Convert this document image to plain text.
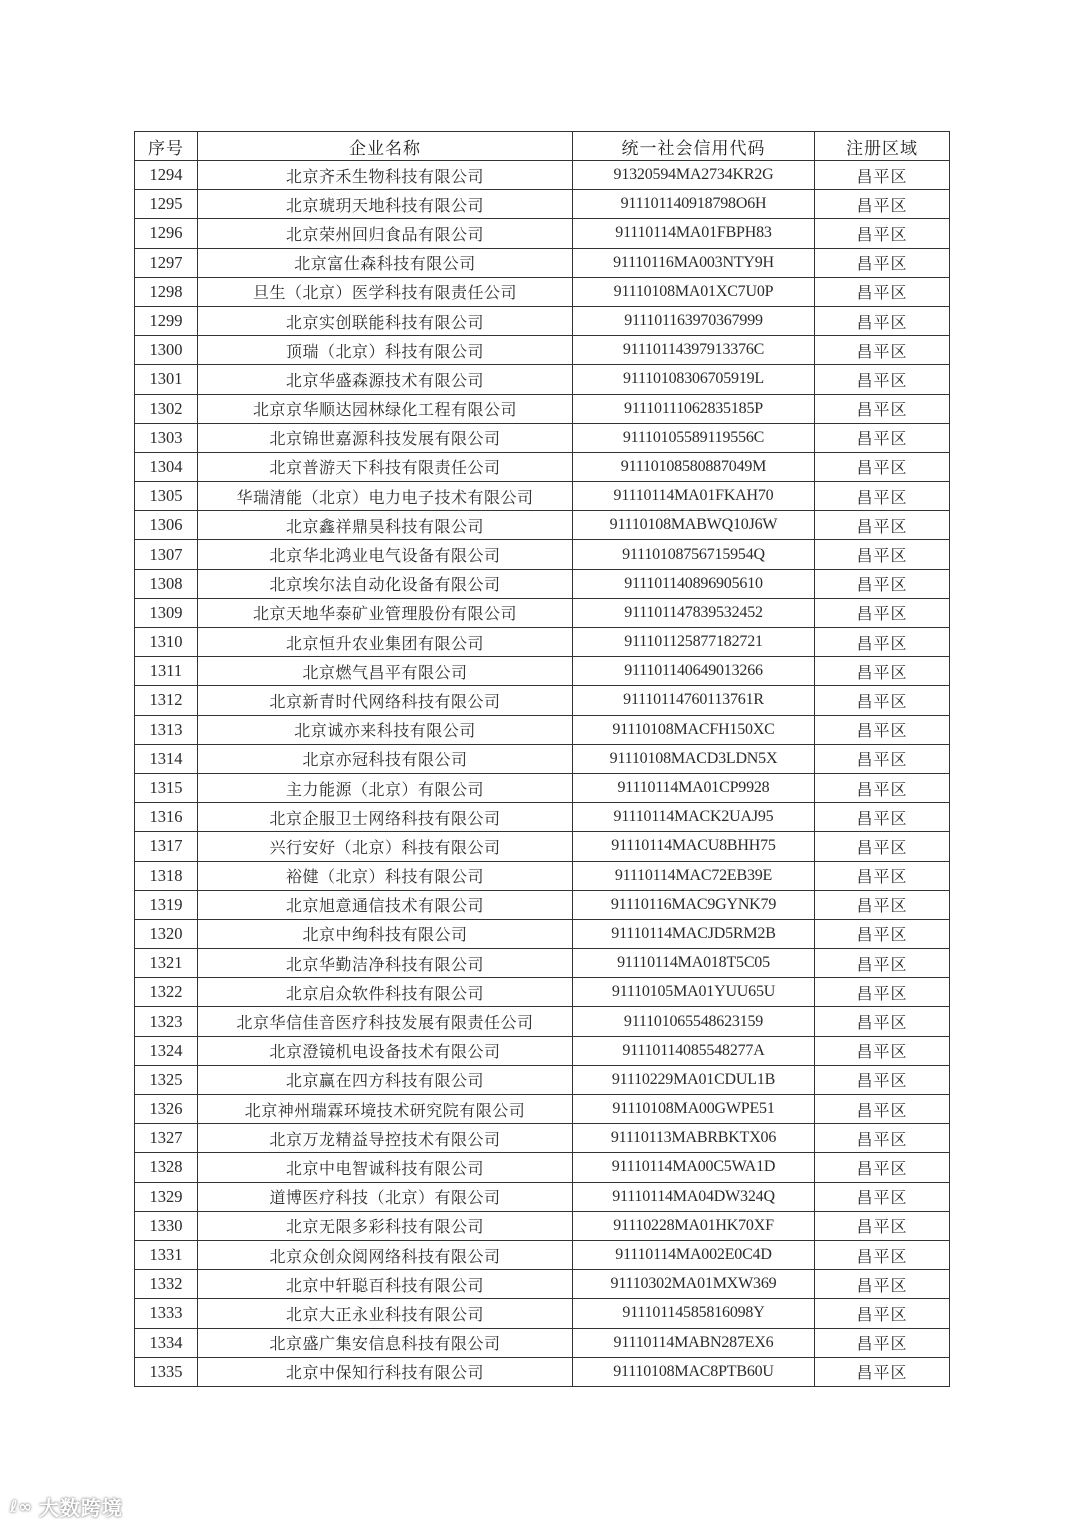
序号	企业名称	统一社会信用代码	注册区域
1294	北京齐禾生物科技有限公司	91320594MA2734KR2G	昌平区
1295	北京琥玥天地科技有限公司	911101140918798O6H	昌平区
1296	北京荣州回归食品有限公司	91110114MA01FBPH83	昌平区
1297	北京富仕森科技有限公司	91110116MA003NTY9H	昌平区
1298	旦生（北京）医学科技有限责任公司	91110108MA01XC7U0P	昌平区
1299	北京实创联能科技有限公司	911101163970367999	昌平区
1300	顶瑞（北京）科技有限公司	91110114397913376C	昌平区
1301	北京华盛森源技术有限公司	91110108306705919L	昌平区
1302	北京京华顺达园林绿化工程有限公司	91110111062835185P	昌平区
1303	北京锦世嘉源科技发展有限公司	91110105589119556C	昌平区
1304	北京普游天下科技有限责任公司	91110108580887049M	昌平区
1305	华瑞清能（北京）电力电子技术有限公司	91110114MA01FKAH70	昌平区
1306	北京鑫祥鼎昊科技有限公司	91110108MABWQ10J6W	昌平区
1307	北京华北鸿业电气设备有限公司	91110108756715954Q	昌平区
1308	北京埃尔法自动化设备有限公司	911101140896905610	昌平区
1309	北京天地华泰矿业管理股份有限公司	911101147839532452	昌平区
1310	北京恒升农业集团有限公司	911101125877182721	昌平区
1311	北京燃气昌平有限公司	911101140649013266	昌平区
1312	北京新青时代网络科技有限公司	91110114760113761R	昌平区
1313	北京诚亦来科技有限公司	91110108MACFH150XC	昌平区
1314	北京亦冠科技有限公司	91110108MACD3LDN5X	昌平区
1315	主力能源（北京）有限公司	91110114MA01CP9928	昌平区
1316	北京企服卫士网络科技有限公司	91110114MACK2UAJ95	昌平区
1317	兴行安好（北京）科技有限公司	91110114MACU8BHH75	昌平区
1318	裕健（北京）科技有限公司	91110114MAC72EB39E	昌平区
1319	北京旭意通信技术有限公司	91110116MAC9GYNK79	昌平区
1320	北京中绚科技有限公司	91110114MACJD5RM2B	昌平区
1321	北京华勤洁净科技有限公司	91110114MA018T5C05	昌平区
1322	北京启众软件科技有限公司	91110105MA01YUU65U	昌平区
1323	北京华信佳音医疗科技发展有限责任公司	911101065548623159	昌平区
1324	北京澄镜机电设备技术有限公司	91110114085548277A	昌平区
1325	北京赢在四方科技有限公司	91110229MA01CDUL1B	昌平区
1326	北京神州瑞霖环境技术研究院有限公司	91110108MA00GWPE51	昌平区
1327	北京万龙精益导控技术有限公司	91110113MABRBKTX06	昌平区
1328	北京中电智诚科技有限公司	91110114MA00C5WA1D	昌平区
1329	道博医疗科技（北京）有限公司	91110114MA04DW324Q	昌平区
1330	北京无限多彩科技有限公司	91110228MA01HK70XF	昌平区
1331	北京众创众阅网络科技有限公司	91110114MA002E0C4D	昌平区
1332	北京中轩聪百科技有限公司	91110302MA01MXW369	昌平区
1333	北京大正永业科技有限公司	91110114585816098Y	昌平区
1334	北京盛广集安信息科技有限公司	91110114MABN287EX6	昌平区
1335	北京中保知行科技有限公司	91110108MAC8PTB60U	昌平区
ℓ∞ 大数跨境
